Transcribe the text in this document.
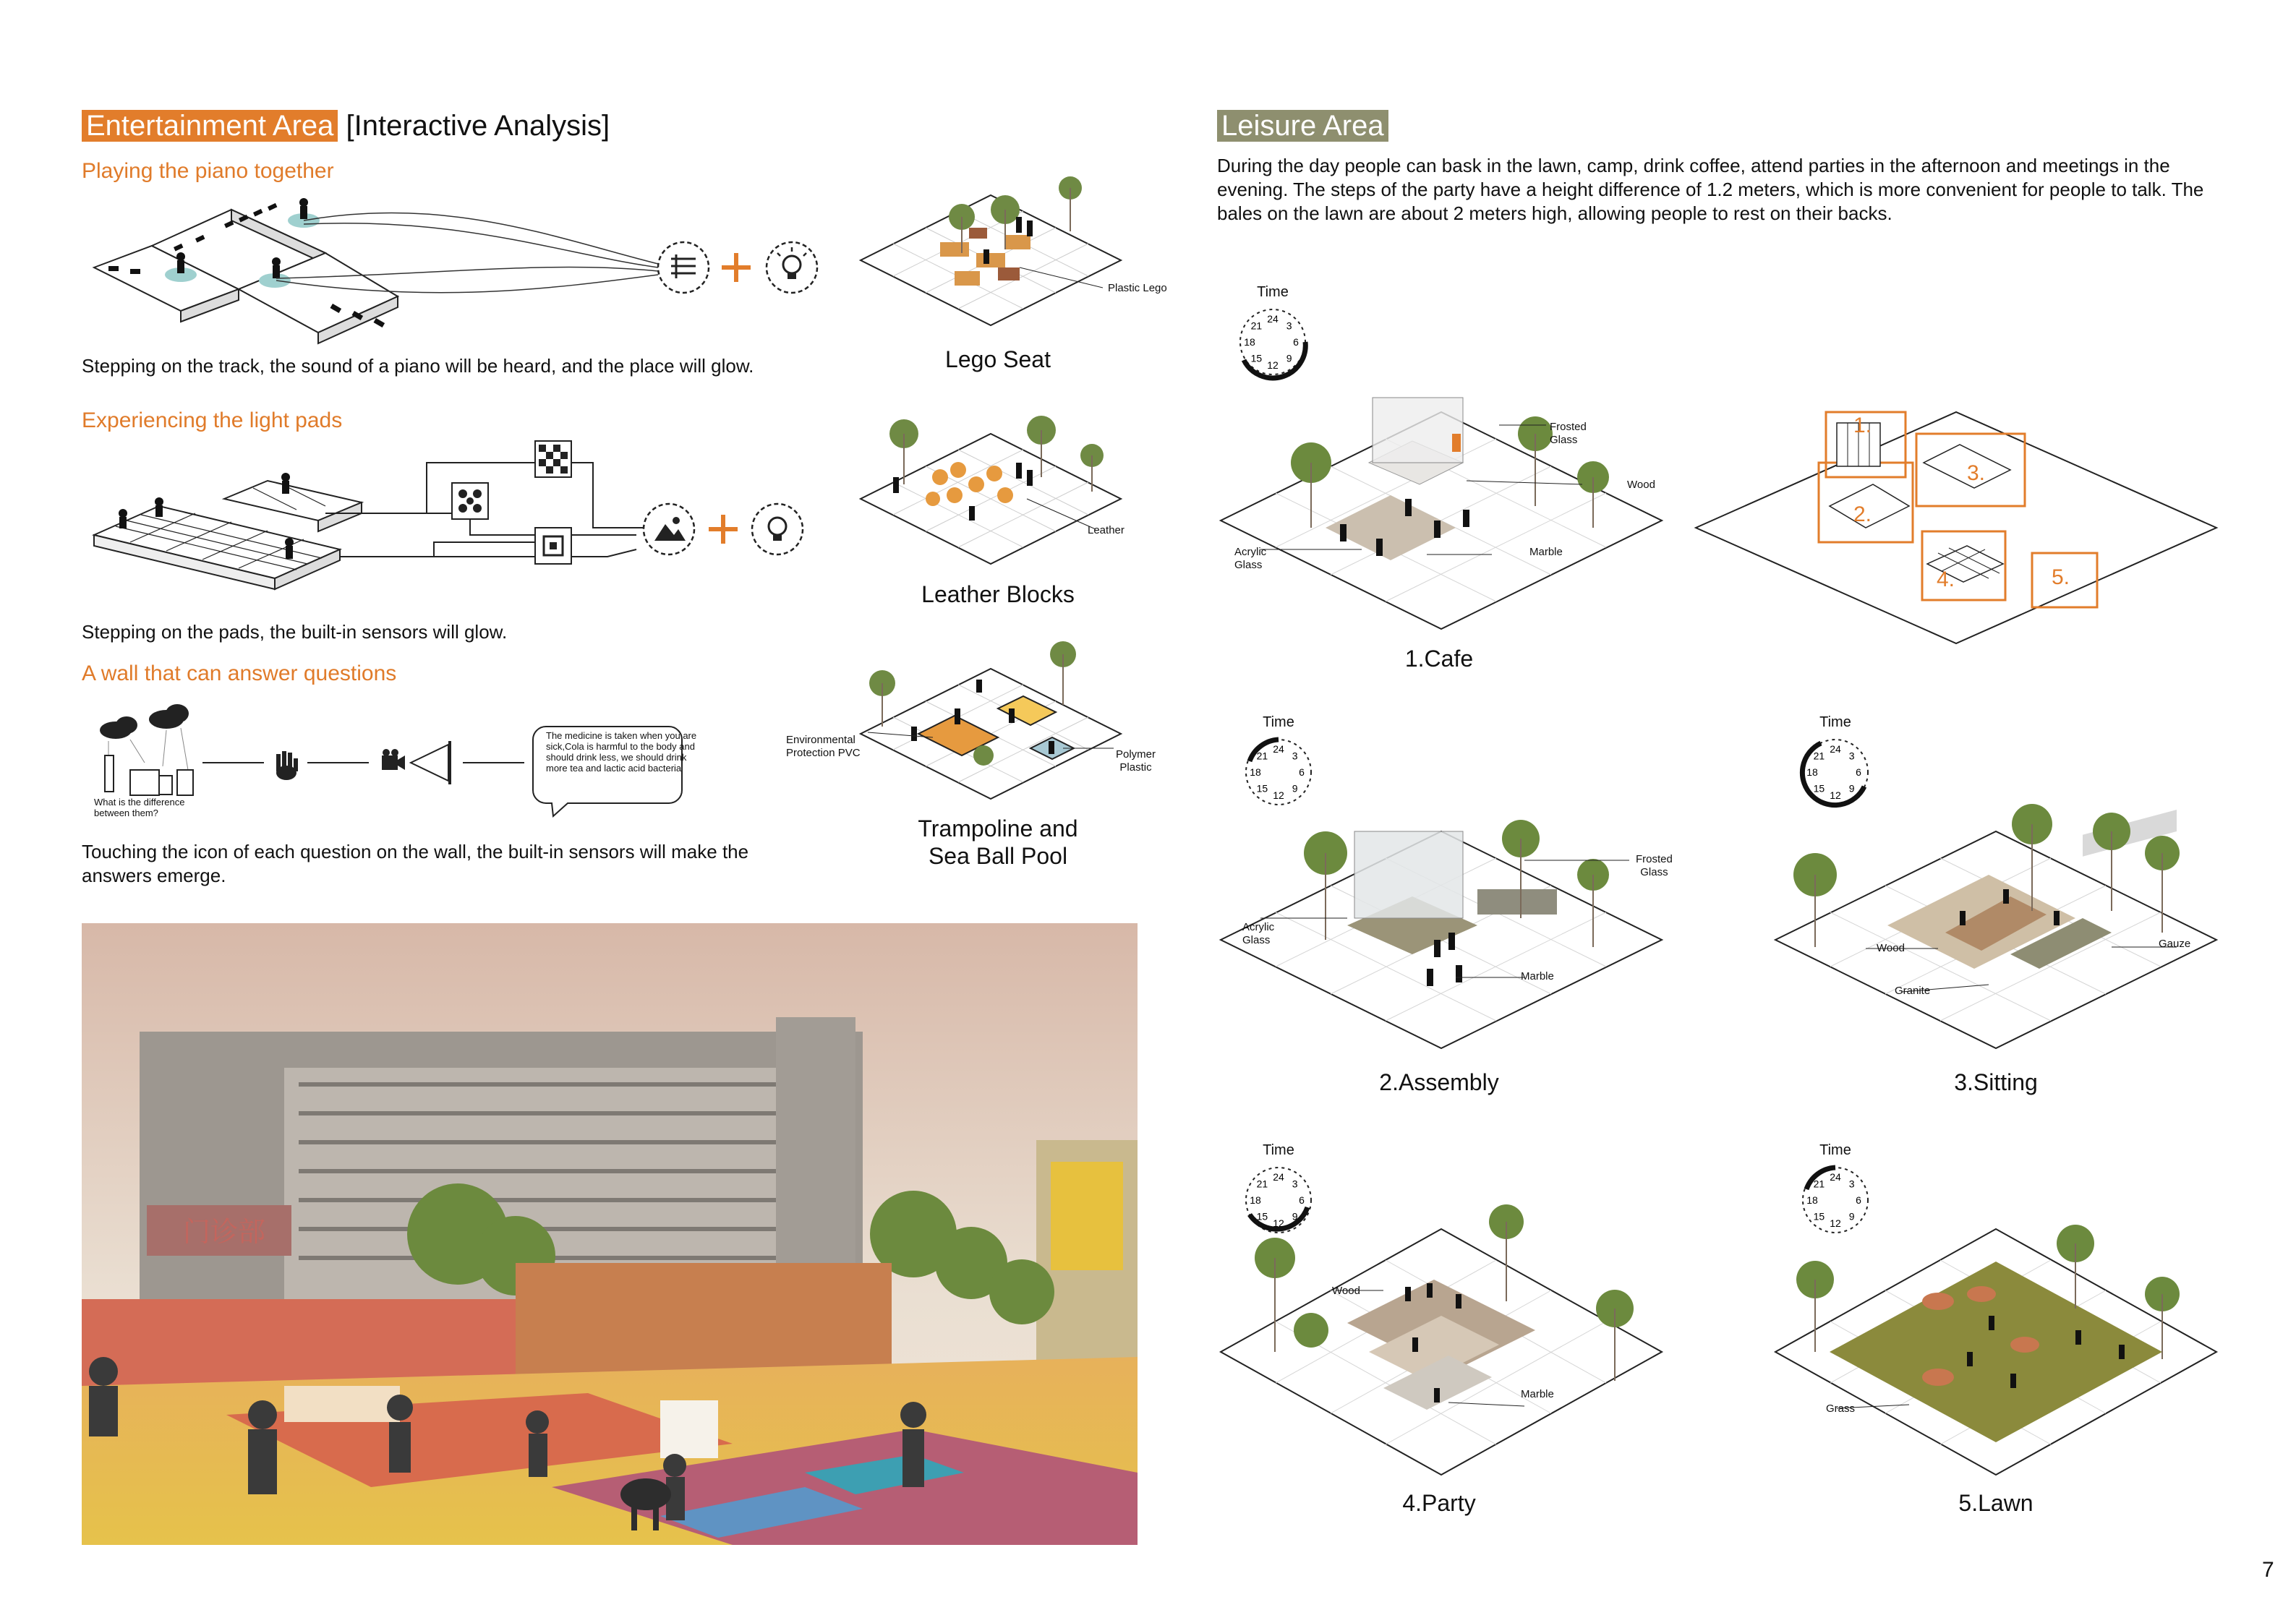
Entertainment Area [Interactive Analysis]
Playing the piano together
Stepping on the track, the sound of a piano will be heard, and the place will glow.
Experiencing the light pads
Stepping on the pads, the built-in sensors will glow.
A wall that can answer questions
What is the difference between them?
The medicine is taken when you are sick,Cola is harmful to the body and should drink less, we should drink more tea and lactic acid bacteria
Touching the icon of each question on the wall, the built-in sensors will make the answers emerge.
Plastic Lego
Lego Seat
Leather
Leather Blocks
Environmental
Protection PVC	Polymer
Plastic
Trampoline and
Sea Ball Pool
门诊部
Leisure Area
During the day people can bask in the lawn, camp, drink coffee, attend parties in the afternoon and meetings in the evening. The steps of the party have a height difference of 1.2 meters, which is more convenient for people to talk. The bales on the lawn are about 2 meters high, allowing people to rest on their backs.
Time
24
3
6
9
12
15
18
21
Time
24
3
6
9
12
15
18
21
Time
24
3
6
9
12
15
18
21
Time
24
3
6
9
12
15
18
21
Time
24
3
6
9
12
15
18
21
Frosted
Glass
Wood
Acrylic
Glass
Marble
1.Cafe
1.
2.
3.
4.	5.
Frosted
Glass
Acrylic
Glass
Marble
2.Assembly
Wood	Gauze
Granite
3.Sitting
Wood
Marble
4.Party
Grass
5.Lawn
7
